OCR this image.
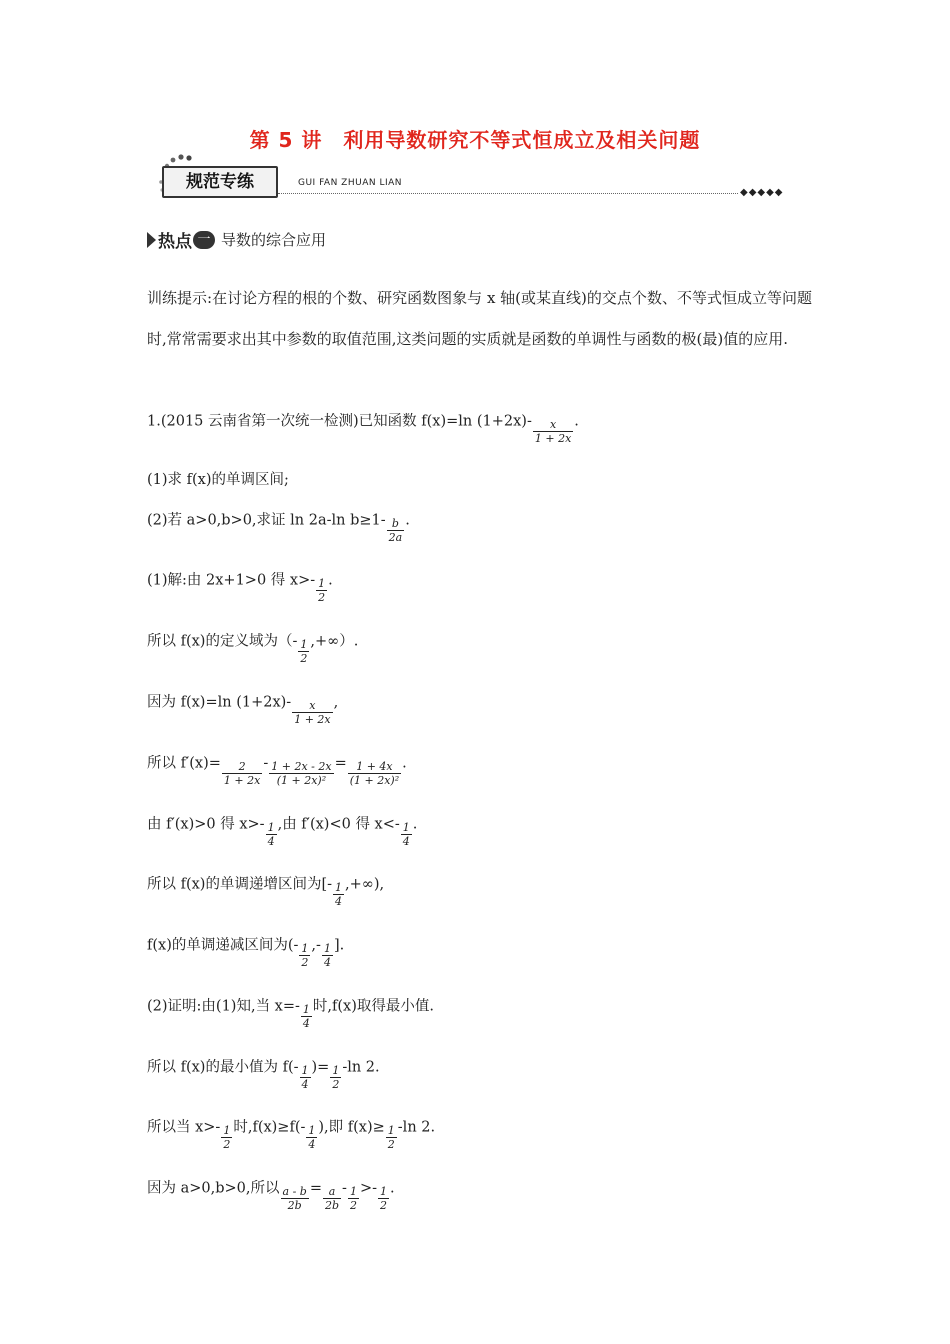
第 5 讲　利用导数研究不等式恒成立及相关问题
规范专练	GUI FAN ZHUAN LIAN
◆◆◆◆◆
热点 一 导数的综合应用
训练提示:在讨论方程的根的个数、研究函数图象与 x 轴(或某直线)的交点个数、不等式恒成立等问题时,常常需要求出其中参数的取值范围,这类问题的实质就是函数的单调性与函数的极(最)值的应用.
1.(2015 云南省第一次统一检测)已知函数 f(x)=ln $(1+2x)- \frac{x}{1 + 2x}$ .
(1)求 f(x)的单调区间;
(2)若 a>0,b>0,求证 ln 2a-ln $b\ge 1- \frac{b}{2a}$ .
(1)解:由 2x+1>0 得 $x>- \frac{1}{2}$ .
所以 f(x)的定义域为（- $\frac{1}{2}$ ,+∞）.
因为 f(x)=ln $(1+2x)- \frac{x}{1 + 2x}$ ,
所以 $f'(x)= \frac{2}{1 + 2x} - \frac{1 + 2x - 2x}{\text{(1 + 2x)²}} = \frac{1 + 4x}{\text{(1 + 2x)²}}$ .
由 f′(x)>0 得 $x>- \frac{1}{4}$ ,由 f′(x)<0 得 $x<- \frac{1}{4}$ .
所以 f(x)的单调递增区间为[- $\frac{1}{4}$ ,+∞),
f(x)的单调递减区间为(- $\frac{1}{2}$ ,- $\frac{1}{4}$ ].
(2)证明:由(1)知,当 $x=- \frac{1}{4}$ 时,f(x)取得最小值.
所以 f(x)的最小值为 $f(- \frac{1}{4}$ )= $\frac{1}{2} -\ln$ 2.
所以当 $x>- \frac{1}{2}$ 时$,f(x)\ge f(- \frac{1}{4}$ ),即 $f(x)\ge \frac{1}{2} -\ln$ 2.
因为 a>0,b>0,所以 $\frac{a - b}{2b} = \frac{a}{2b} - \frac{1}{2} >- \frac{1}{2}$ .
